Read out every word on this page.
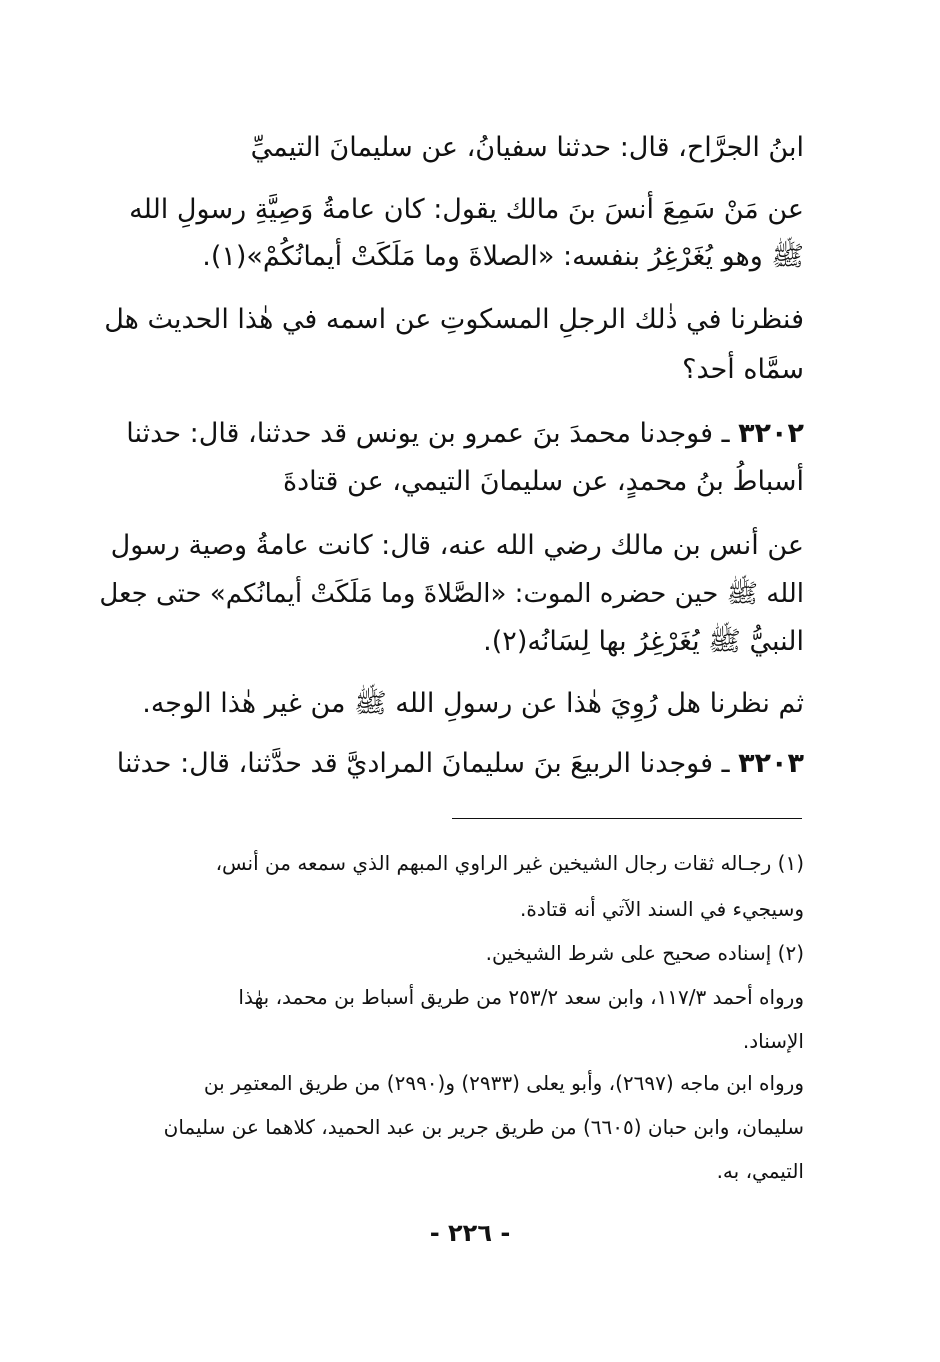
ابنُ الجرَّاح، قال: حدثنا سفيانُ، عن سليمانَ التيميِّ
عن مَنْ سَمِعَ أنسَ بنَ مالك يقول: كان عامةُ وَصِيَّةِ رسولِ الله
ﷺ وهو يُغَرْغِرُ بنفسه: «الصلاةَ وما مَلَكَتْ أيمانُكُمْ»(١).
فنظرنا في ذٰلك الرجلِ المسكوتِ عن اسمه في هٰذا الحديث هل
سمَّاه أحد؟
٣٢٠٢ ـ فوجدنا محمدَ بنَ عمرو بن يونس قد حدثنا، قال: حدثنا
أسباطُ بنُ محمدٍ، عن سليمانَ التيمي، عن قتادةَ
عن أنس بن مالك رضي الله عنه، قال: كانت عامةُ وصية رسول
الله ﷺ حين حضره الموت: «الصَّلاةَ وما مَلَكَتْ أيمانُكم» حتى جعل
النبيُّ ﷺ يُغَرْغِرُ بها لِسَانُه(٢).
ثم نظرنا هل رُوِيَ هٰذا عن رسولِ الله ﷺ من غير هٰذا الوجه.
٣٢٠٣ ـ فوجدنا الربيعَ بنَ سليمانَ المراديَّ قد حدَّثنا، قال: حدثنا
(١) رجـاله ثقات رجال الشيخين غير الراوي المبهم الذي سمعه من أنس،
وسيجيء في السند الآتي أنه قتادة.
(٢) إسناده صحيح على شرط الشيخين.
ورواه أحمد ١١٧/٣، وابن سعد ٢٥٣/٢ من طريق أسباط بن محمد، بهٰذا
الإسناد.
ورواه ابن ماجه (٢٦٩٧)، وأبو يعلى (٢٩٣٣) و(٢٩٩٠) من طريق المعتمِر بن
سليمان، وابن حبان (٦٦٠٥) من طريق جرير بن عبد الحميد، كلاهما عن سليمان
التيمي، به.
- ٢٢٦ -
